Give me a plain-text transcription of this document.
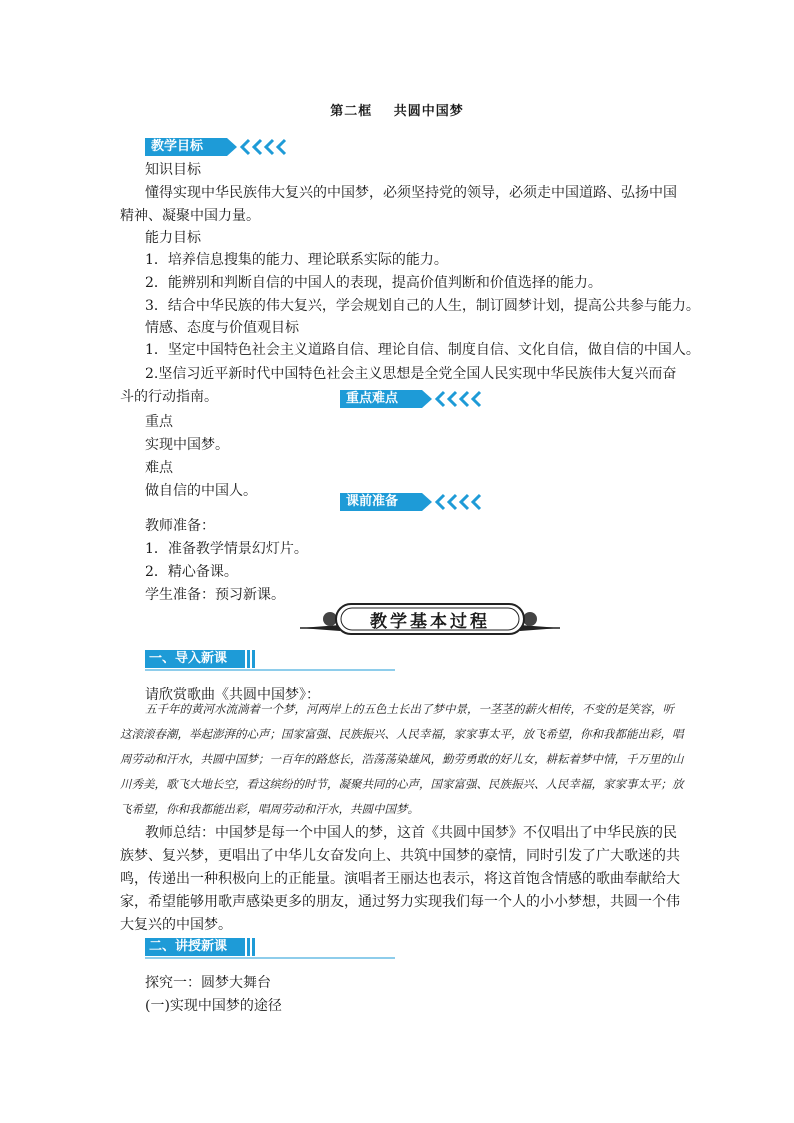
第二框 共圆中国梦
教学目标
知识目标
懂得实现中华民族伟大复兴的中国梦，必须坚持党的领导，必须走中国道路、弘扬中国
精神、凝聚中国力量。
能力目标
1．培养信息搜集的能力、理论联系实际的能力。
2．能辨别和判断自信的中国人的表现，提高价值判断和价值选择的能力。
3．结合中华民族的伟大复兴，学会规划自己的人生，制订圆梦计划，提高公共参与能力。
情感、态度与价值观目标
1．坚定中国特色社会主义道路自信、理论自信、制度自信、文化自信，做自信的中国人。
2.坚信习近平新时代中国特色社会主义思想是全党全国人民实现中华民族伟大复兴而奋
斗的行动指南。	重点难点
重点
实现中国梦。
难点
做自信的中国人。
课前准备
教师准备：
1．准备教学情景幻灯片。
2．精心备课。
学生准备：预习新课。
教学基本过程
一、导入新课
请欣赏歌曲《共圆中国梦》：
五千年的黄河水流淌着一个梦，河两岸上的五色土长出了梦中景，一茎茎的薪火相传，不变的是笑容，听这滚滚春潮，举起澎湃的心声；国家富强、民族振兴、人民幸福，家家事太平，放飞希望，你和我都能出彩，唱周劳动和汗水，共圆中国梦；一百年的路悠长，浩荡荡染雄风，勤劳勇敢的好儿女，耕耘着梦中情，千万里的山川秀美，歌飞大地长空，看这缤纷的时节，凝聚共同的心声，国家富强、民族振兴、人民幸福，家家事太平；放飞希望，你和我都能出彩，唱周劳动和汗水，共圆中国梦。
教师总结：中国梦是每一个中国人的梦，这首《共圆中国梦》不仅唱出了中华民族的民族梦、复兴梦，更唱出了中华儿女奋发向上、共筑中国梦的豪情，同时引发了广大歌迷的共鸣，传递出一种积极向上的正能量。演唱者王丽达也表示，将这首饱含情感的歌曲奉献给大家，希望能够用歌声感染更多的朋友，通过努力实现我们每一个人的小小梦想，共圆一个伟大复兴的中国梦。
二、讲授新课
探究一：圆梦大舞台
(一)实现中国梦的途径
